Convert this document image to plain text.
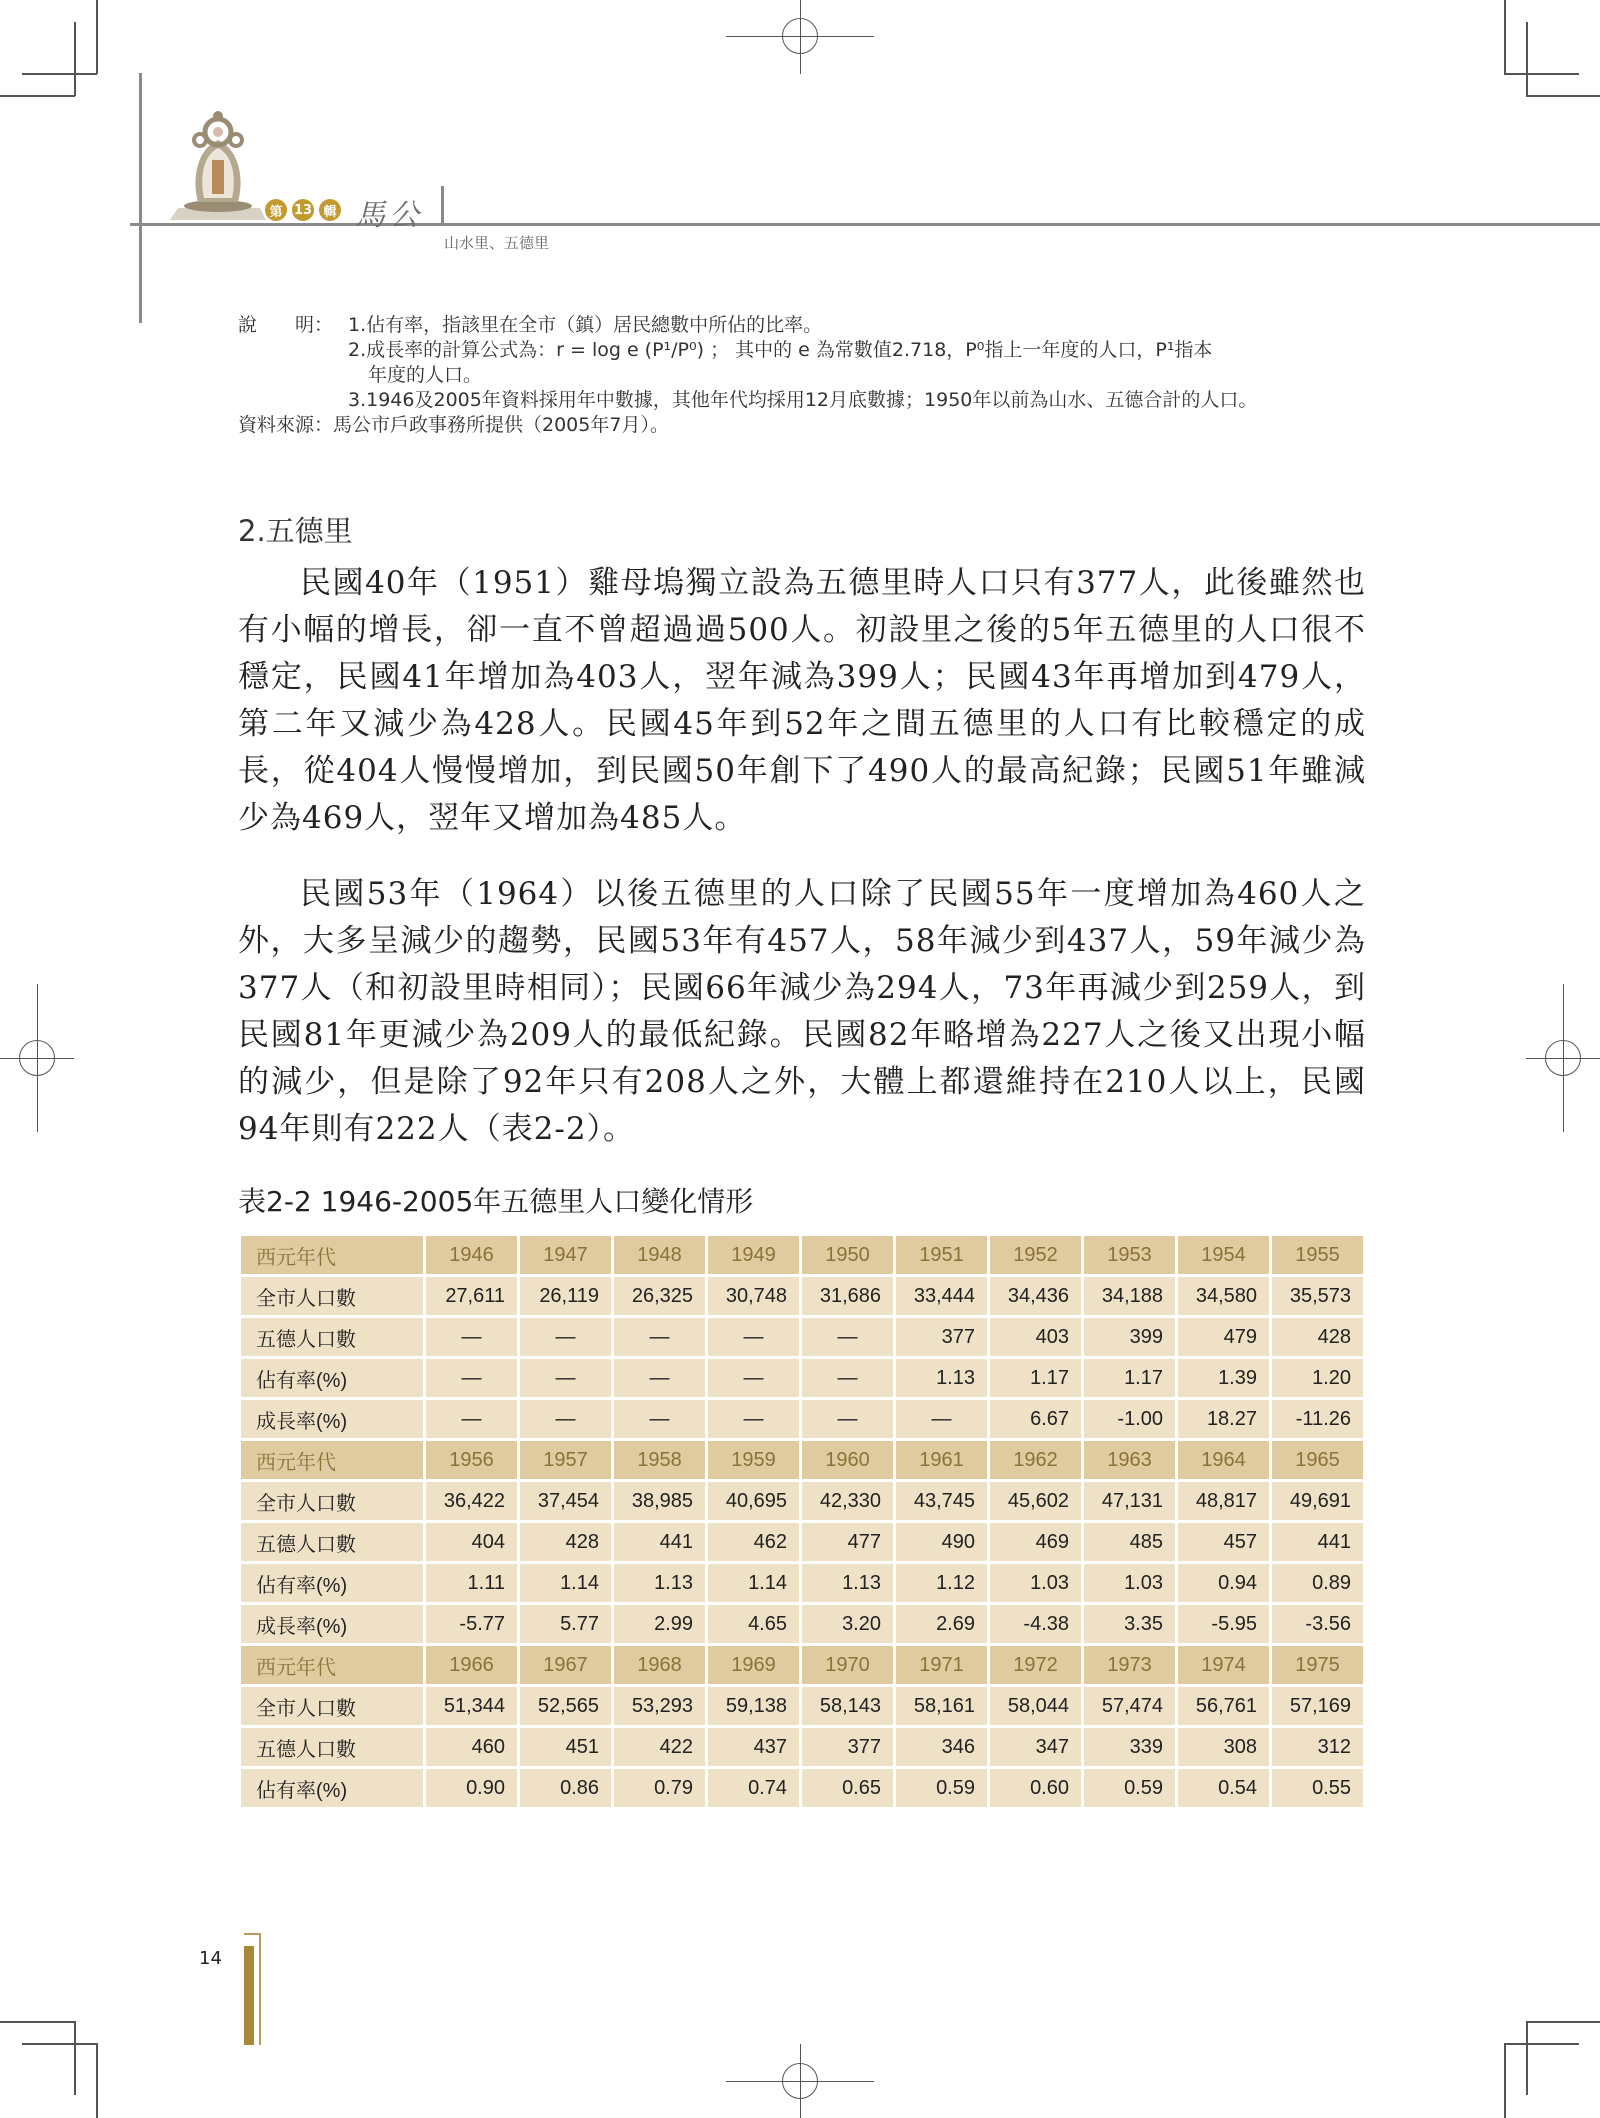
第 13 輯 馬公
山水里、五德里
說　　明： 1.佔有率，指該里在全市（鎮）居民總數中所佔的比率。
2.成長率的計算公式為：r = log e (P¹/P⁰) ； 其中的 e 為常數值2.718，P⁰指上一年度的人口，P¹指本
年度的人口。
3.1946及2005年資料採用年中數據，其他年代均採用12月底數據；1950年以前為山水、五德合計的人口。
資料來源：馬公市戶政事務所提供（2005年7月）。
2.五德里

民國40年（1951）雞母塢獨立設為五德里時人口只有377人，此後雖然也有小幅的增長，卻一直不曾超過過500人。初設里之後的5年五德里的人口很不穩定，民國41年增加為403人，翌年減為399人；民國43年再增加到479人，第二年又減少為428人。民國45年到52年之間五德里的人口有比較穩定的成長，從404人慢慢增加，到民國50年創下了490人的最高紀錄；民國51年雖減少為469人，翌年又增加為485人。

民國53年（1964）以後五德里的人口除了民國55年一度增加為460人之外，大多呈減少的趨勢，民國53年有457人，58年減少到437人，59年減少為377人（和初設里時相同）；民國66年減少為294人，73年再減少到259人，到民國81年更減少為209人的最低紀錄。民國82年略增為227人之後又出現小幅的減少，但是除了92年只有208人之外，大體上都還維持在210人以上，民國94年則有222人（表2-2）。

表2-2 1946-2005年五德里人口變化情形
西元年代	1946	1947	1948	1949	1950	1951	1952	1953	1954	1955
全市人口數	27,611	26,119	26,325	30,748	31,686	33,444	34,436	34,188	34,580	35,573
五德人口數	—	—	—	—	—	377	403	399	479	428
佔有率(%)	—	—	—	—	—	1.13	1.17	1.17	1.39	1.20
成長率(%)	—	—	—	—	—	—	6.67	-1.00	18.27	-11.26
西元年代	1956	1957	1958	1959	1960	1961	1962	1963	1964	1965
全市人口數	36,422	37,454	38,985	40,695	42,330	43,745	45,602	47,131	48,817	49,691
五德人口數	404	428	441	462	477	490	469	485	457	441
佔有率(%)	1.11	1.14	1.13	1.14	1.13	1.12	1.03	1.03	0.94	0.89
成長率(%)	-5.77	5.77	2.99	4.65	3.20	2.69	-4.38	3.35	-5.95	-3.56
西元年代	1966	1967	1968	1969	1970	1971	1972	1973	1974	1975
全市人口數	51,344	52,565	53,293	59,138	58,143	58,161	58,044	57,474	56,761	57,169
五德人口數	460	451	422	437	377	346	347	339	308	312
佔有率(%)	0.90	0.86	0.79	0.74	0.65	0.59	0.60	0.59	0.54	0.55
14
